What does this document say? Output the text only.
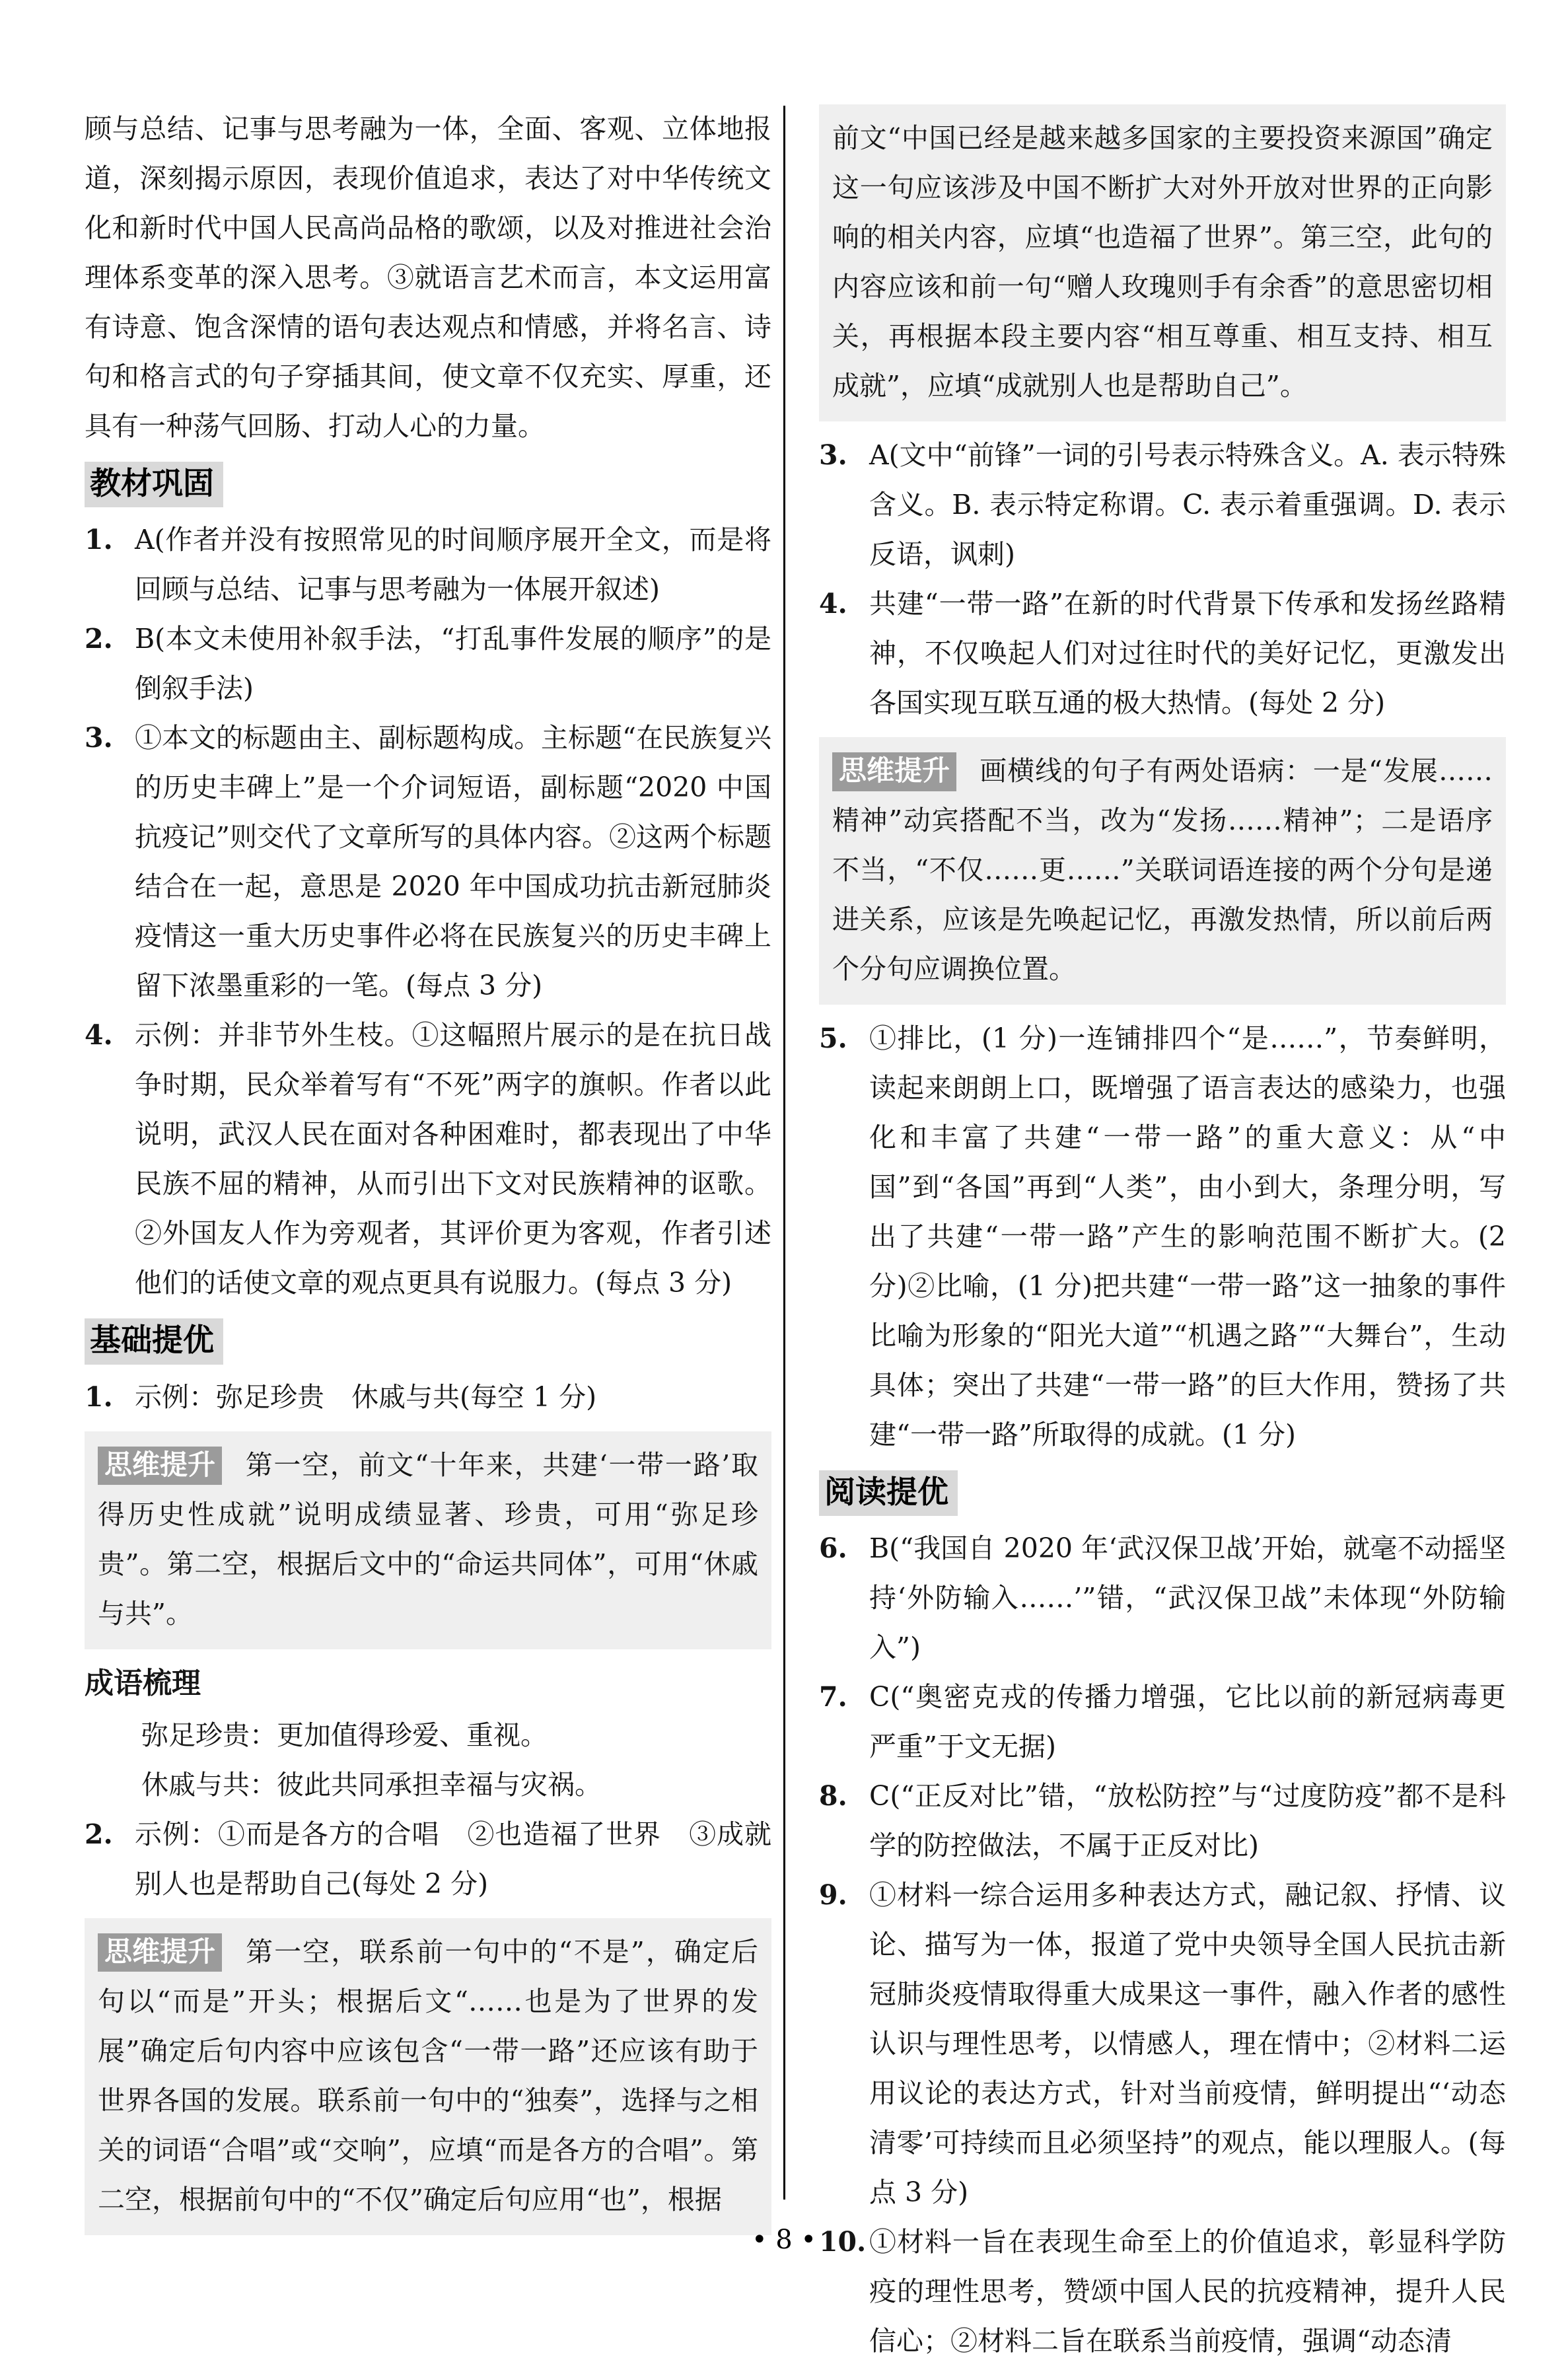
顾与总结、记事与思考融为一体，全面、客观、立体地报道，深刻揭示原因，表现价值追求，表达了对中华传统文化和新时代中国人民高尚品格的歌颂，以及对推进社会治理体系变革的深入思考。③就语言艺术而言，本文运用富有诗意、饱含深情的语句表达观点和情感，并将名言、诗句和格言式的句子穿插其间，使文章不仅充实、厚重，还具有一种荡气回肠、打动人心的力量。

教材巩固
1. A(作者并没有按照常见的时间顺序展开全文，而是将回顾与总结、记事与思考融为一体展开叙述)
2. B(本文未使用补叙手法，“打乱事件发展的顺序”的是倒叙手法)
3. ①本文的标题由主、副标题构成。主标题“在民族复兴的历史丰碑上”是一个介词短语，副标题“2020 中国抗疫记”则交代了文章所写的具体内容。②这两个标题结合在一起，意思是 2020 年中国成功抗击新冠肺炎疫情这一重大历史事件必将在民族复兴的历史丰碑上留下浓墨重彩的一笔。(每点 3 分)
4. 示例：并非节外生枝。①这幅照片展示的是在抗日战争时期，民众举着写有“不死”两字的旗帜。作者以此说明，武汉人民在面对各种困难时，都表现出了中华民族不屈的精神，从而引出下文对民族精神的讴歌。②外国友人作为旁观者，其评价更为客观，作者引述他们的话使文章的观点更具有说服力。(每点 3 分)
基础提优
1. 示例：弥足珍贵　休戚与共(每空 1 分)
思维提升 第一空，前文“十年来，共建‘一带一路’取得历史性成就”说明成绩显著、珍贵，可用“弥足珍贵”。第二空，根据后文中的“命运共同体”，可用“休戚与共”。
成语梳理
弥足珍贵：更加值得珍爱、重视。
休戚与共：彼此共同承担幸福与灾祸。
2. 示例：①而是各方的合唱　②也造福了世界　③成就别人也是帮助自己(每处 2 分)
思维提升 第一空，联系前一句中的“不是”，确定后句以“而是”开头；根据后文“……也是为了世界的发展”确定后句内容中应该包含“一带一路”还应该有助于世界各国的发展。联系前一句中的“独奏”，选择与之相关的词语“合唱”或“交响”，应填“而是各方的合唱”。第二空，根据前句中的“不仅”确定后句应用“也”，根据
前文“中国已经是越来越多国家的主要投资来源国”确定这一句应该涉及中国不断扩大对外开放对世界的正向影响的相关内容，应填“也造福了世界”。第三空，此句的内容应该和前一句“赠人玫瑰则手有余香”的意思密切相关，再根据本段主要内容“相互尊重、相互支持、相互成就”，应填“成就别人也是帮助自己”。
3. A(文中“前锋”一词的引号表示特殊含义。A. 表示特殊含义。B. 表示特定称谓。C. 表示着重强调。D. 表示反语，讽刺)
4. 共建“一带一路”在新的时代背景下传承和发扬丝路精神，不仅唤起人们对过往时代的美好记忆，更激发出各国实现互联互通的极大热情。(每处 2 分)
思维提升 画横线的句子有两处语病：一是“发展……精神”动宾搭配不当，改为“发扬……精神”；二是语序不当，“不仅……更……”关联词语连接的两个分句是递进关系，应该是先唤起记忆，再激发热情，所以前后两个分句应调换位置。
5. ①排比，(1 分)一连铺排四个“是……”，节奏鲜明，读起来朗朗上口，既增强了语言表达的感染力，也强化和丰富了共建“一带一路”的重大意义：从“中国”到“各国”再到“人类”，由小到大，条理分明，写出了共建“一带一路”产生的影响范围不断扩大。(2 分)②比喻，(1 分)把共建“一带一路”这一抽象的事件比喻为形象的“阳光大道”“机遇之路”“大舞台”，生动具体；突出了共建“一带一路”的巨大作用，赞扬了共建“一带一路”所取得的成就。(1 分)
阅读提优
6. B(“我国自 2020 年‘武汉保卫战’开始，就毫不动摇坚持‘外防输入……’”错，“武汉保卫战”未体现“外防输入”)
7. C(“奥密克戎的传播力增强，它比以前的新冠病毒更严重”于文无据)
8. C(“正反对比”错，“放松防控”与“过度防疫”都不是科学的防控做法，不属于正反对比)
9. ①材料一综合运用多种表达方式，融记叙、抒情、议论、描写为一体，报道了党中央领导全国人民抗击新冠肺炎疫情取得重大成果这一事件，融入作者的感性认识与理性思考，以情感人，理在情中；②材料二运用议论的表达方式，针对当前疫情，鲜明提出“‘动态清零’可持续而且必须坚持”的观点，能以理服人。(每点 3 分)
10. ①材料一旨在表现生命至上的价值追求，彰显科学防疫的理性思考，赞颂中国人民的抗疫精神，提升人民信心；②材料二旨在联系当前疫情，强调“动态清
• 8 •
